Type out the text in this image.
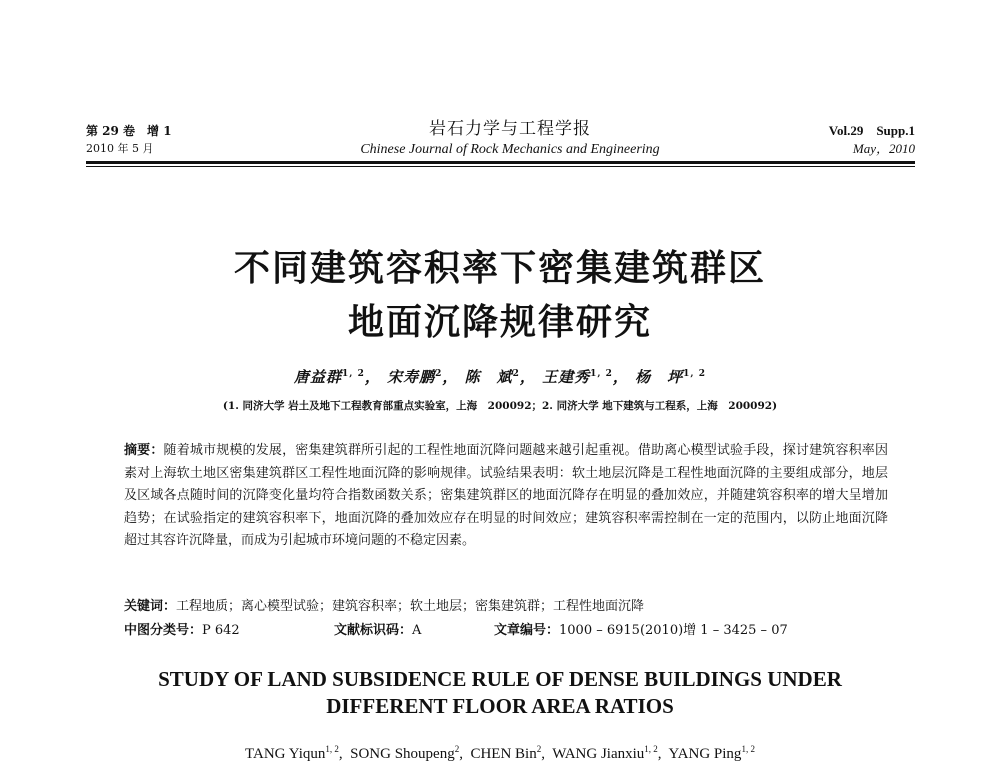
第 29 卷　增 1
2010 年 5 月
岩石力学与工程学报
Chinese Journal of Rock Mechanics and Engineering
Vol.29　Supp.1
May，2010
不同建筑容积率下密集建筑群区
地面沉降规律研究
唐益群$^{1, 2}$， 宋寿鹏$^2$， 陈　斌$^2$， 王建秀$^{1, 2}$， 杨　坪$^{1, 2}$
(1. 同济大学 岩土及地下工程教育部重点实验室，上海　200092；2. 同济大学 地下建筑与工程系，上海　200092)
摘要：随着城市规模的发展，密集建筑群所引起的工程性地面沉降问题越来越引起重视。借助离心模型试验手段，探讨建筑容积率因素对上海软土地区密集建筑群区工程性地面沉降的影响规律。试验结果表明：软土地层沉降是工程性地面沉降的主要组成部分，地层及区域各点随时间的沉降变化量均符合指数函数关系；密集建筑群区的地面沉降存在明显的叠加效应，并随建筑容积率的增大呈增加趋势；在试验指定的建筑容积率下，地面沉降的叠加效应存在明显的时间效应；建筑容积率需控制在一定的范围内，以防止地面沉降超过其容许沉降量，而成为引起城市环境问题的不稳定因素。
关键词：工程地质；离心模型试验；建筑容积率；软土地层；密集建筑群；工程性地面沉降
中图分类号：P 642	文献标识码：A	文章编号：1000 – 6915(2010)增 1 – 3425 – 07
STUDY OF LAND SUBSIDENCE RULE OF DENSE BUILDINGS UNDER
DIFFERENT FLOOR AREA RATIOS
TANG Yiqun$^{1, 2}$,  SONG Shoupeng$^2$,  CHEN Bin$^2$,  WANG Jianxiu$^{1, 2}$,  YANG Ping$^{1, 2}$
